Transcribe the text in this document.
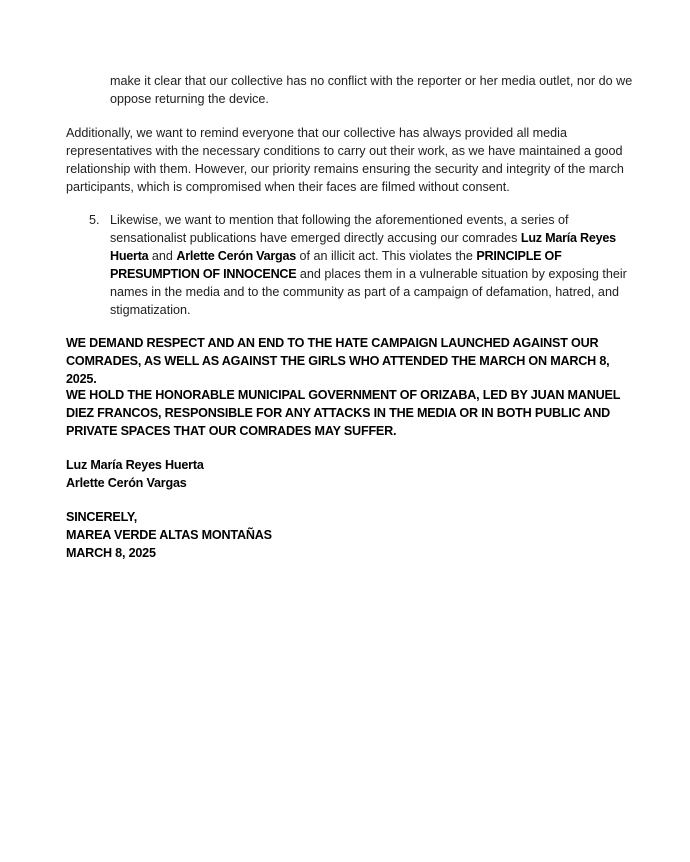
make it clear that our collective has no conflict with the reporter or her media outlet, nor do we oppose returning the device.
Additionally, we want to remind everyone that our collective has always provided all media representatives with the necessary conditions to carry out their work, as we have maintained a good relationship with them. However, our priority remains ensuring the security and integrity of the march participants, which is compromised when their faces are filmed without consent.
5. Likewise, we want to mention that following the aforementioned events, a series of sensationalist publications have emerged directly accusing our comrades Luz María Reyes Huerta and Arlette Cerón Vargas of an illicit act. This violates the PRINCIPLE OF PRESUMPTION OF INNOCENCE and places them in a vulnerable situation by exposing their names in the media and to the community as part of a campaign of defamation, hatred, and stigmatization.
WE DEMAND RESPECT AND AN END TO THE HATE CAMPAIGN LAUNCHED AGAINST OUR COMRADES, AS WELL AS AGAINST THE GIRLS WHO ATTENDED THE MARCH ON MARCH 8, 2025.
WE HOLD THE HONORABLE MUNICIPAL GOVERNMENT OF ORIZABA, LED BY JUAN MANUEL DIEZ FRANCOS, RESPONSIBLE FOR ANY ATTACKS IN THE MEDIA OR IN BOTH PUBLIC AND PRIVATE SPACES THAT OUR COMRADES MAY SUFFER.
Luz María Reyes Huerta
Arlette Cerón Vargas
SINCERELY,
MAREA VERDE ALTAS MONTAÑAS
MARCH 8, 2025
